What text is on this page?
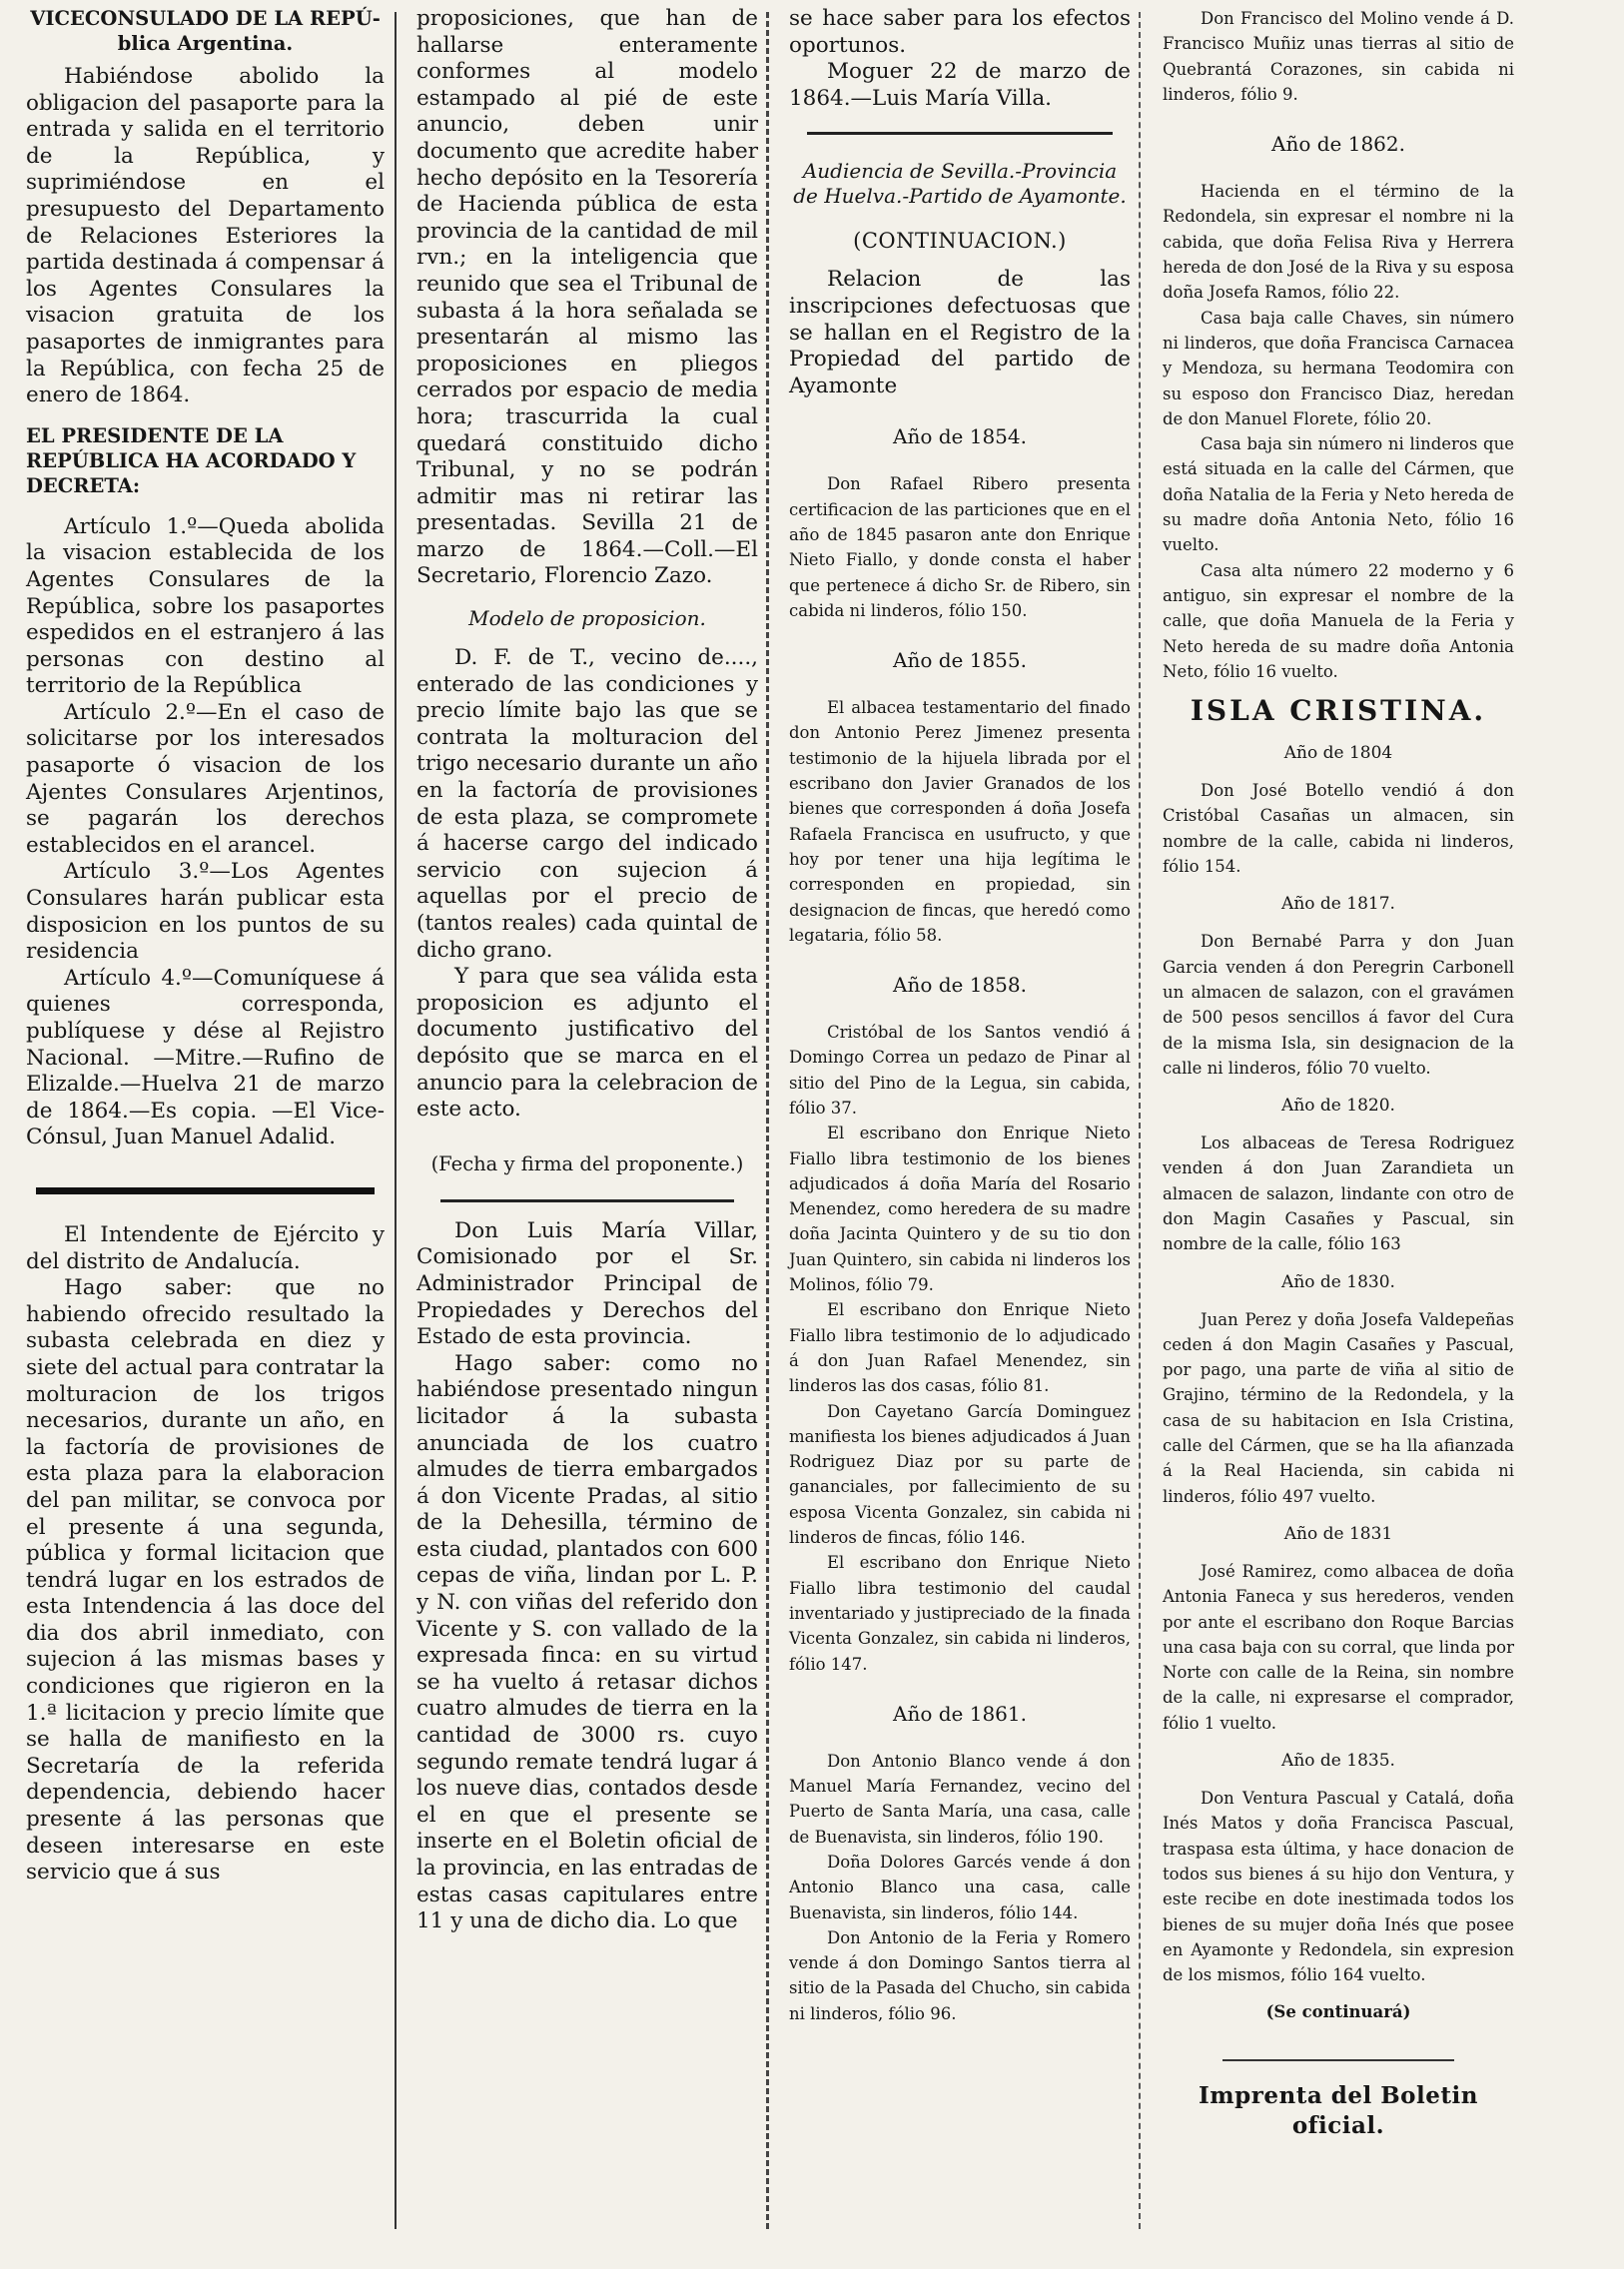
VICECONSULADO DE LA REPÚblica Argentina.

Habiéndose abolido la obligacion del pasaporte para la entrada y salida en el territorio de la República, y suprimiéndose en el presupuesto del Departamento de Relaciones Esteriores la partida destinada á compensar á los Agentes Consulares la visacion gratuita de los pasaportes de inmigrantes para la República, con fecha 25 de enero de 1864.

EL PRESIDENTE DE LA REPÚBLICA HA ACORDADO Y DECRETA:

Artículo 1.º—Queda abolida la visacion establecida de los Agentes Consulares de la República, sobre los pasaportes espedidos en el estranjero á las personas con destino al territorio de la República

Artículo 2.º—En el caso de solicitarse por los interesados pasaporte ó visacion de los Ajentes Consulares Arjentinos, se pagarán los derechos establecidos en el arancel.

Artículo 3.º—Los Agentes Consulares harán publicar esta disposicion en los puntos de su residencia

Artículo 4.º—Comuníquese á quienes corresponda, publíquese y dése al Rejistro Nacional. —Mitre.—Rufino de Elizalde.—Huelva 21 de marzo de 1864.—Es copia. —El Vice-Cónsul, Juan Manuel Adalid.

El Intendente de Ejército y del distrito de Andalucía.

Hago saber: que no habiendo ofrecido resultado la subasta celebrada en diez y siete del actual para contratar la molturacion de los trigos necesarios, durante un año, en la factoría de provisiones de esta plaza para la elaboracion del pan militar, se convoca por el presente á una segunda, pública y formal licitacion que tendrá lugar en los estrados de esta Intendencia á las doce del dia dos abril inmediato, con sujecion á las mismas bases y condiciones que rigieron en la 1.ª licitacion y precio límite que se halla de manifiesto en la Secretaría de la referida dependencia, debiendo hacer presente á las personas que deseen interesarse en este servicio que á sus

proposiciones, que han de hallarse enteramente conformes al modelo estampado al pié de este anuncio, deben unir documento que acredite haber hecho depósito en la Tesorería de Hacienda pública de esta provincia de la cantidad de mil rvn.; en la inteligencia que reunido que sea el Tribunal de subasta á la hora señalada se presentarán al mismo las proposiciones en pliegos cerrados por espacio de media hora; trascurrida la cual quedará constituido dicho Tribunal, y no se podrán admitir mas ni retirar las presentadas. Sevilla 21 de marzo de 1864.—Coll.—El Secretario, Florencio Zazo.

Modelo de proposicion.

D. F. de T., vecino de...., enterado de las condiciones y precio límite bajo las que se contrata la molturacion del trigo necesario durante un año en la factoría de provisiones de esta plaza, se compromete á hacerse cargo del indicado servicio con sujecion á aquellas por el precio de (tantos reales) cada quintal de dicho grano.

Y para que sea válida esta proposicion es adjunto el documento justificativo del depósito que se marca en el anuncio para la celebracion de este acto.

(Fecha y firma del proponente.)

Don Luis María Villar, Comisionado por el Sr. Administrador Principal de Propiedades y Derechos del Estado de esta provincia.

Hago saber: como no habiéndose presentado ningun licitador á la subasta anunciada de los cuatro almudes de tierra embargados á don Vicente Pradas, al sitio de la Dehesilla, término de esta ciudad, plantados con 600 cepas de viña, lindan por L. P. y N. con viñas del referido don Vicente y S. con vallado de la expresada finca: en su virtud se ha vuelto á retasar dichos cuatro almudes de tierra en la cantidad de 3000 rs. cuyo segundo remate tendrá lugar á los nueve dias, contados desde el en que el presente se inserte en el Boletin oficial de la provincia, en las entradas de estas casas capitulares entre 11 y una de dicho dia. Lo que

se hace saber para los efectos oportunos.

Moguer 22 de marzo de 1864.—Luis María Villa.

Audiencia de Sevilla.-Provincia de Huelva.-Partido de Ayamonte.

(CONTINUACION.)

Relacion de las inscripciones defectuosas que se hallan en el Registro de la Propiedad del partido de Ayamonte

Año de 1854.

Don Rafael Ribero presenta certificacion de las particiones que en el año de 1845 pasaron ante don Enrique Nieto Fiallo, y donde consta el haber que pertenece á dicho Sr. de Ribero, sin cabida ni linderos, fólio 150.

Año de 1855.

El albacea testamentario del finado don Antonio Perez Jimenez presenta testimonio de la hijuela librada por el escribano don Javier Granados de los bienes que corresponden á doña Josefa Rafaela Francisca en usufructo, y que hoy por tener una hija legítima le corresponden en propiedad, sin designacion de fincas, que heredó como legataria, fólio 58.

Año de 1858.

Cristóbal de los Santos vendió á Domingo Correa un pedazo de Pinar al sitio del Pino de la Legua, sin cabida, fólio 37.

El escribano don Enrique Nieto Fiallo libra testimonio de los bienes adjudicados á doña María del Rosario Menendez, como heredera de su madre doña Jacinta Quintero y de su tio don Juan Quintero, sin cabida ni linderos los Molinos, fólio 79.

El escribano don Enrique Nieto Fiallo libra testimonio de lo adjudicado á don Juan Rafael Menendez, sin linderos las dos casas, fólio 81.

Don Cayetano García Dominguez manifiesta los bienes adjudicados á Juan Rodriguez Diaz por su parte de gananciales, por fallecimiento de su esposa Vicenta Gonzalez, sin cabida ni linderos de fincas, fólio 146.

El escribano don Enrique Nieto Fiallo libra testimonio del caudal inventariado y justipreciado de la finada Vicenta Gonzalez, sin cabida ni linderos, fólio 147.

Año de 1861.

Don Antonio Blanco vende á don Manuel María Fernandez, vecino del Puerto de Santa María, una casa, calle de Buenavista, sin linderos, fólio 190.

Doña Dolores Garcés vende á don Antonio Blanco una casa, calle Buenavista, sin linderos, fólio 144.

Don Antonio de la Feria y Romero vende á don Domingo Santos tierra al sitio de la Pasada del Chucho, sin cabida ni linderos, fólio 96.

Don Francisco del Molino vende á D. Francisco Muñiz unas tierras al sitio de Quebrantá Corazones, sin cabida ni linderos, fólio 9.

Año de 1862.

Hacienda en el término de la Redondela, sin expresar el nombre ni la cabida, que doña Felisa Riva y Herrera hereda de don José de la Riva y su esposa doña Josefa Ramos, fólio 22.

Casa baja calle Chaves, sin número ni linderos, que doña Francisca Carnacea y Mendoza, su hermana Teodomira con su esposo don Francisco Diaz, heredan de don Manuel Florete, fólio 20.

Casa baja sin número ni linderos que está situada en la calle del Cármen, que doña Natalia de la Feria y Neto hereda de su madre doña Antonia Neto, fólio 16 vuelto.

Casa alta número 22 moderno y 6 antiguo, sin expresar el nombre de la calle, que doña Manuela de la Feria y Neto hereda de su madre doña Antonia Neto, fólio 16 vuelto.

ISLA CRISTINA.

Año de 1804

Don José Botello vendió á don Cristóbal Casañas un almacen, sin nombre de la calle, cabida ni linderos, fólio 154.

Año de 1817.

Don Bernabé Parra y don Juan Garcia venden á don Peregrin Carbonell un almacen de salazon, con el gravámen de 500 pesos sencillos á favor del Cura de la misma Isla, sin designacion de la calle ni linderos, fólio 70 vuelto.

Año de 1820.

Los albaceas de Teresa Rodriguez venden á don Juan Zarandieta un almacen de salazon, lindante con otro de don Magin Casañes y Pascual, sin nombre de la calle, fólio 163

Año de 1830.

Juan Perez y doña Josefa Valdepeñas ceden á don Magin Casañes y Pascual, por pago, una parte de viña al sitio de Grajino, término de la Redondela, y la casa de su habitacion en Isla Cristina, calle del Cármen, que se ha lla afianzada á la Real Hacienda, sin cabida ni linderos, fólio 497 vuelto.

Año de 1831

José Ramirez, como albacea de doña Antonia Faneca y sus herederos, venden por ante el escribano don Roque Barcias una casa baja con su corral, que linda por Norte con calle de la Reina, sin nombre de la calle, ni expresarse el comprador, fólio 1 vuelto.

Año de 1835.

Don Ventura Pascual y Catalá, doña Inés Matos y doña Francisca Pascual, traspasa esta última, y hace donacion de todos sus bienes á su hijo don Ventura, y este recibe en dote inestimada todos los bienes de su mujer doña Inés que posee en Ayamonte y Redondela, sin expresion de los mismos, fólio 164 vuelto.

(Se continuará)

Imprenta del Boletin oficial.
